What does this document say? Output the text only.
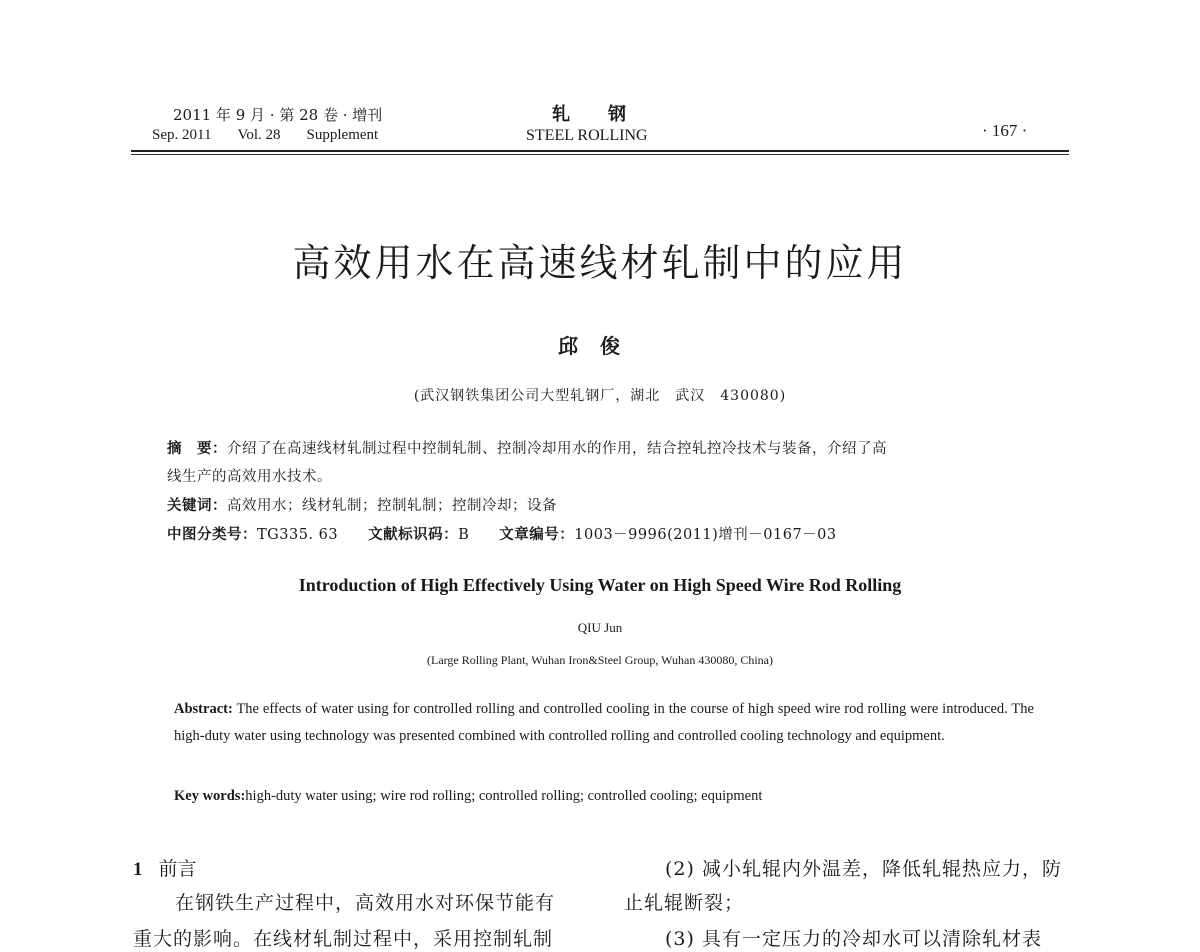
2011 年 9 月 · 第 28 卷 · 增刊
Sep. 2011 Vol. 28 Supplement
轧钢
STEEL ROLLING	· 167 ·
高效用水在高速线材轧制中的应用
邱俊
(武汉钢铁集团公司大型轧钢厂，湖北　武汉　430080)
摘　要：介绍了在高速线材轧制过程中控制轧制、控制冷却用水的作用，结合控轧控冷技术与装备，介绍了高
线生产的高效用水技术。
关键词：高效用水；线材轧制；控制轧制；控制冷却；设备
中图分类号：TG335. 63 文献标识码：B 文章编号：1003－9996(2011)增刊－0167－03
Introduction of High Effectively Using Water on High Speed Wire Rod Rolling
QIU Jun
(Large Rolling Plant, Wuhan Iron&Steel Group, Wuhan 430080, China)
Abstract: The effects of water using for controlled rolling and controlled cooling in the course of high speed wire rod rolling were introduced. The high-duty water using technology was presented combined with controlled rolling and controlled cooling technology and equipment.
Key words:high-duty water using; wire rod rolling; controlled rolling; controlled cooling; equipment
1 前言
在钢铁生产过程中，高效用水对环保节能有
重大的影响。在线材轧制过程中，采用控制轧制
(2) 减小轧辊内外温差，降低轧辊热应力，防
止轧辊断裂；
(3) 具有一定压力的冷却水可以清除轧材表
